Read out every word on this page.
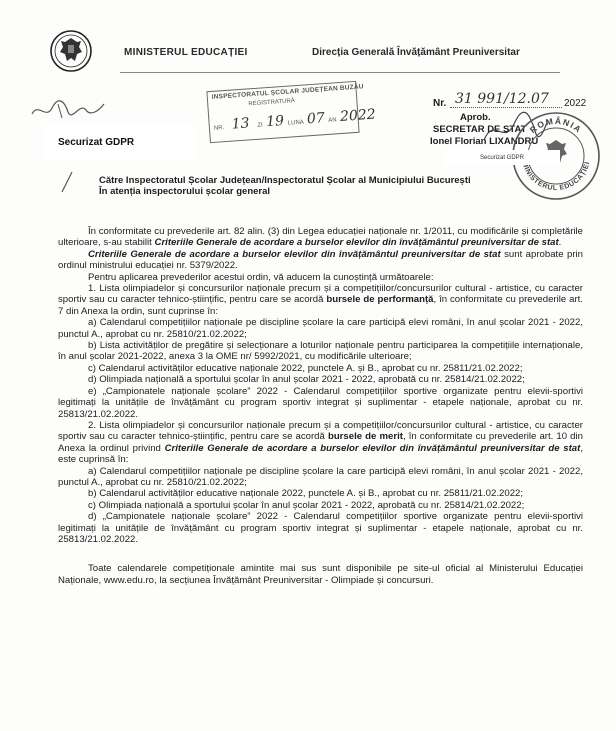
MINISTERUL EDUCAȚIEI	Direcția Generală Învățământ Preuniversitar
INSPECTORATUL ȘCOLAR JUDEȚEAN BUZĂU
REGISTRATURĂ
NR. 13 ZI 19 LUNA 07 AN 2022
Nr. 31 991/12.07 2022
Aprob.
SECRETAR DE STAT
Ionel Florian LIXANDRU
ROMÂNIA
INISTERUL EDUCAȚIEI
Securizat GDPR
Securizat GDPR
Către Inspectoratul Școlar Județean/Inspectoratul Școlar al Municipiului București
În atenția inspectorului școlar general

În conformitate cu prevederile art. 82 alin. (3) din Legea educației naționale nr. 1/2011, cu modificările și completările ulterioare, s-au stabilit Criteriile Generale de acordare a burselor elevilor din învățământul preuniversitar de stat.

Criteriile Generale de acordare a burselor elevilor din învățământul preuniversitar de stat sunt aprobate prin ordinul ministrului educației nr. 5379/2022.

Pentru aplicarea prevederilor acestui ordin, vă aducem la cunoștință următoarele:

1. Lista olimpiadelor și concursurilor naționale precum și a competițiilor/concursurilor cultural - artistice, cu caracter sportiv sau cu caracter tehnico-științific, pentru care se acordă bursele de performanță, în conformitate cu prevederile art. 7 din Anexa la ordin, sunt cuprinse în:

a) Calendarul competițiilor naționale pe discipline școlare la care participă elevi români, în anul școlar 2021 - 2022, punctul A., aprobat cu nr. 25810/21.02.2022;

b) Lista activităților de pregătire și selecționare a loturilor naționale pentru participarea la competițiile internaționale, în anul școlar 2021-2022, anexa 3 la OME nr/ 5992/2021, cu modificările ulterioare;

c) Calendarul activităților educative naționale 2022, punctele A. și B., aprobat cu nr. 25811/21.02.2022;

d) Olimpiada națională a sportului școlar în anul școlar 2021 - 2022, aprobată cu nr. 25814/21.02.2022;

e) „Campionatele naționale școlare” 2022 - Calendarul competițiilor sportive organizate pentru elevii-sportivi legitimați la unitățile de învățământ cu program sportiv integrat și suplimentar - etapele naționale, aprobat cu nr. 25813/21.02.2022.

2. Lista olimpiadelor și concursurilor naționale precum și a competițiilor/concursurilor cultural - artistice, cu caracter sportiv sau cu caracter tehnico-științific, pentru care se acordă bursele de merit, în conformitate cu prevederile art. 10 din Anexa la ordinul privind Criteriile Generale de acordare a burselor elevilor din învățământul preuniversitar de stat, este cuprinsă în:

a) Calendarul competițiilor naționale pe discipline școlare la care participă elevi români, în anul școlar 2021 - 2022, punctul A., aprobat cu nr. 25810/21.02.2022;

b) Calendarul activităților educative naționale 2022, punctele A. și B., aprobat cu nr. 25811/21.02.2022;

c) Olimpiada națională a sportului școlar în anul școlar 2021 - 2022, aprobată cu nr. 25814/21.02.2022;

d) „Campionatele naționale școlare” 2022 - Calendarul competițiilor sportive organizate pentru elevii-sportivi legitimați la unitățile de învățământ cu program sportiv integrat și suplimentar - etapele naționale, aprobat cu nr. 25813/21.02.2022.

Toate calendarele competiționale amintite mai sus sunt disponibile pe site-ul oficial al Ministerului Educației Naționale, www.edu.ro, la secțiunea Învățământ Preuniversitar - Olimpiade și concursuri.
